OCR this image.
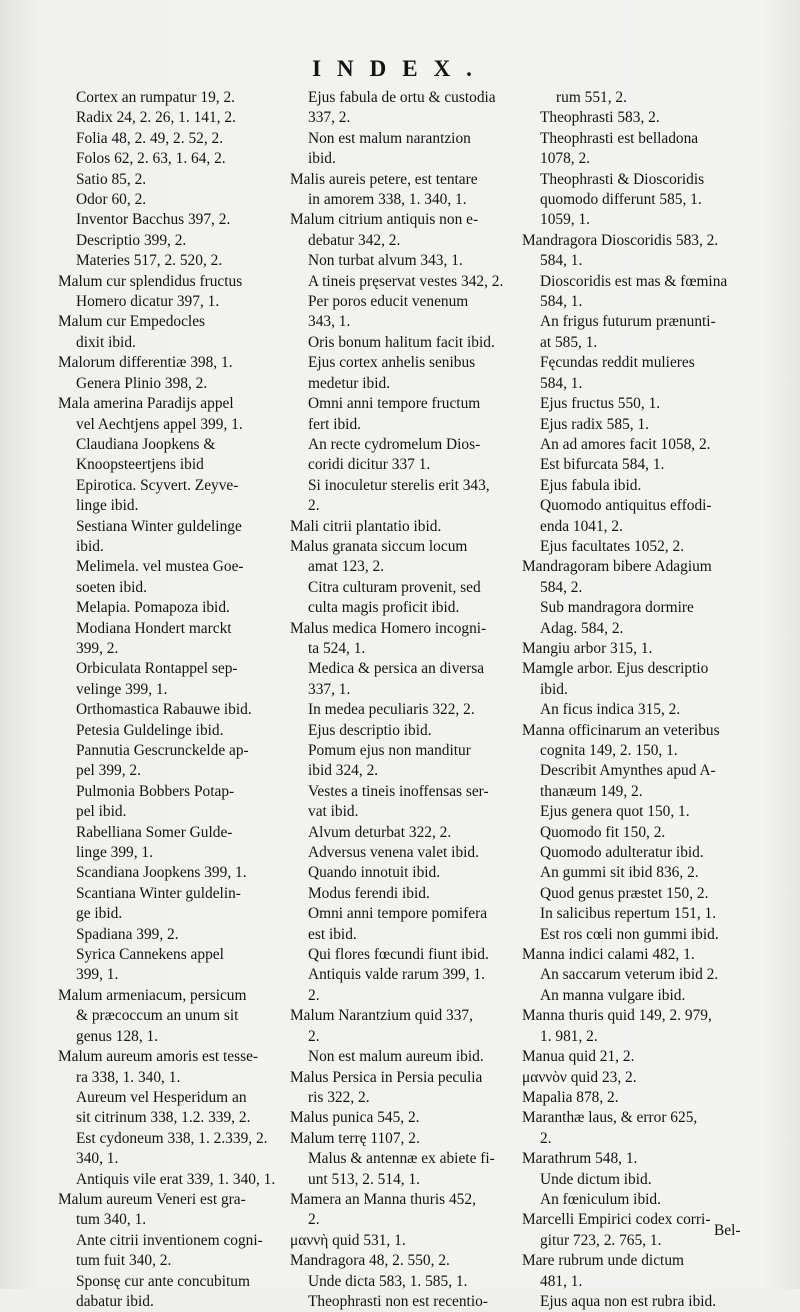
INDEX.
Cortex an rumpatur 19, 2.
Radix 24, 2. 26, 1. 141, 2.
Folia 48, 2. 49, 2. 52, 2.
Folos 62, 2. 63, 1. 64, 2.
Satio 85, 2.
Odor 60, 2.
Inventor Bacchus 397, 2.
Descriptio 399, 2.
Materies 517, 2. 520, 2.
Malum cur splendidus fructus
Homero dicatur 397, 1.
Malum cur Empedocles
dixit ibid.
Malorum differentiæ 398, 1.
Genera Plinio 398, 2.
Mala amerina Paradijs appel
vel Aechtjens appel 399, 1.
Claudiana Joopkens &
Knoopsteertjens ibid
Epirotica. Scyvert. Zeyve-
linge ibid.
Sestiana Winter guldelinge
ibid.
Melimela. vel mustea Goe-
soeten ibid.
Melapia. Pomapoza ibid.
Modiana Hondert marckt
399, 2.
Orbiculata Rontappel sep-
velinge 399, 1.
Orthomastica Rabauwe ibid.
Petesia Guldelinge ibid.
Pannutia Gescrunckelde ap-
pel 399, 2.
Pulmonia Bobbers Potap-
pel ibid.
Rabelliana Somer Gulde-
linge 399, 1.
Scandiana Joopkens 399, 1.
Scantiana Winter guldelin-
ge ibid.
Spadiana 399, 2.
Syrica Cannekens appel
399, 1.
Malum armeniacum, persicum
& præcoccum an unum sit
genus 128, 1.
Malum aureum amoris est tesse-
ra 338, 1. 340, 1.
Aureum vel Hesperidum an
sit citrinum 338, 1.2. 339, 2.
Est cydoneum 338, 1. 2.339, 2.
340, 1.
Antiquis vile erat 339, 1. 340, 1.
Malum aureum Veneri est gra-
tum 340, 1.
Ante citrii inventionem cogni-
tum fuit 340, 2.
Sponsę cur ante concubitum
dabatur ibid.
Ejus fabula de ortu & custodia
337, 2.
Non est malum narantzion
ibid.
Malis aureis petere, est tentare
in amorem 338, 1. 340, 1.
Malum citrium antiquis non e-
debatur 342, 2.
Non turbat alvum 343, 1.
A tineis pręservat vestes 342, 2.
Per poros educit venenum
343, 1.
Oris bonum halitum facit ibid.
Ejus cortex anhelis senibus
medetur ibid.
Omni anni tempore fructum
fert ibid.
An recte cydromelum Dios-
coridi dicitur 337 1.
Si inoculetur sterelis erit 343,
2.
Mali citrii plantatio ibid.
Malus granata siccum locum
amat 123, 2.
Citra culturam provenit, sed
culta magis proficit ibid.
Malus medica Homero incogni-
ta 524, 1.
Medica & persica an diversa
337, 1.
In medea peculiaris 322, 2.
Ejus descriptio ibid.
Pomum ejus non manditur
ibid 324, 2.
Vestes a tineis inoffensas ser-
vat ibid.
Alvum deturbat 322, 2.
Adversus venena valet ibid.
Quando innotuit ibid.
Modus ferendi ibid.
Omni anni tempore pomifera
est ibid.
Qui flores fœcundi fiunt ibid.
Antiquis valde rarum 399, 1.
2.
Malum Narantzium quid 337,
2.
Non est malum aureum ibid.
Malus Persica in Persia peculia
ris 322, 2.
Malus punica 545, 2.
Malum terrę 1107, 2.
Malus & antennæ ex abiete fi-
unt 513, 2. 514, 1.
Mamera an Manna thuris 452,
2.
μαννὴ quid 531, 1.
Mandragora 48, 2. 550, 2.
Unde dicta 583, 1. 585, 1.
Theophrasti non est recentio-
rum 551, 2.
Theophrasti 583, 2.
Theophrasti est belladona
1078, 2.
Theophrasti & Dioscoridis
quomodo differunt 585, 1.
1059, 1.
Mandragora Dioscoridis 583, 2.
584, 1.
Dioscoridis est mas & fœmina
584, 1.
An frigus futurum prænunti-
at 585, 1.
Fęcundas reddit mulieres
584, 1.
Ejus fructus 550, 1.
Ejus radix 585, 1.
An ad amores facit 1058, 2.
Est bifurcata 584, 1.
Ejus fabula ibid.
Quomodo antiquitus effodi-
enda 1041, 2.
Ejus facultates 1052, 2.
Mandragoram bibere Adagium
584, 2.
Sub mandragora dormire
Adag. 584, 2.
Mangiu arbor 315, 1.
Mamgle arbor. Ejus descriptio
ibid.
An ficus indica 315, 2.
Manna officinarum an veteribus
cognita 149, 2. 150, 1.
Describit Amynthes apud A-
thanæum 149, 2.
Ejus genera quot 150, 1.
Quomodo fit 150, 2.
Quomodo adulteratur ibid.
An gummi sit ibid 836, 2.
Quod genus præstet 150, 2.
In salicibus repertum 151, 1.
Est ros cœli non gummi ibid.
Manna indici calami 482, 1.
An saccarum veterum ibid 2.
An manna vulgare ibid.
Manna thuris quid 149, 2. 979,
1. 981, 2.
Manua quid 21, 2.
μαννὸν quid 23, 2.
Mapalia 878, 2.
Maranthæ laus, & error 625,
2.
Marathrum 548, 1.
Unde dictum ibid.
An fœniculum ibid.
Marcelli Empirici codex corri-
gitur 723, 2. 765, 1.
Mare rubrum unde dictum
481, 1.
Ejus aqua non est rubra ibid.
Bel-
